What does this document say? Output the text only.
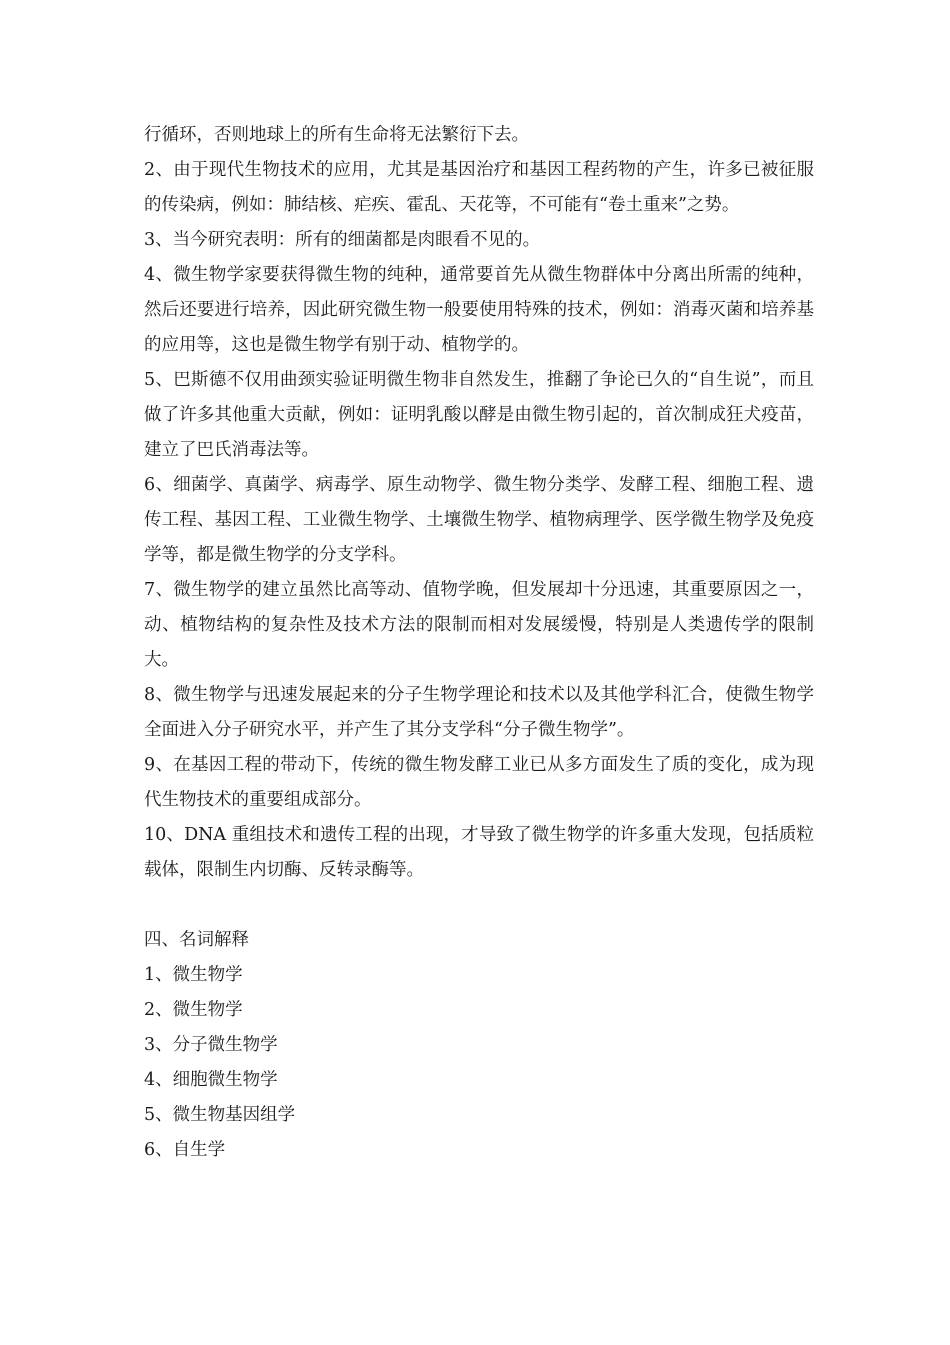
行循环，否则地球上的所有生命将无法繁衍下去。

2、由于现代生物技术的应用，尤其是基因治疗和基因工程药物的产生，许多已被征服的传染病，例如：肺结核、疟疾、霍乱、天花等，不可能有“卷土重来”之势。

3、当今研究表明：所有的细菌都是肉眼看不见的。

4、微生物学家要获得微生物的纯种，通常要首先从微生物群体中分离出所需的纯种，然后还要进行培养，因此研究微生物一般要使用特殊的技术，例如：消毒灭菌和培养基的应用等，这也是微生物学有别于动、植物学的。

5、巴斯德不仅用曲颈实验证明微生物非自然发生，推翻了争论已久的“自生说”，而且做了许多其他重大贡献，例如：证明乳酸以酵是由微生物引起的，首次制成狂犬疫苗，建立了巴氏消毒法等。

6、细菌学、真菌学、病毒学、原生动物学、微生物分类学、发酵工程、细胞工程、遗传工程、基因工程、工业微生物学、土壤微生物学、植物病理学、医学微生物学及免疫学等，都是微生物学的分支学科。

7、微生物学的建立虽然比高等动、值物学晚，但发展却十分迅速，其重要原因之一，动、植物结构的复杂性及技术方法的限制而相对发展缓慢，特别是人类遗传学的限制大。

8、微生物学与迅速发展起来的分子生物学理论和技术以及其他学科汇合，使微生物学全面进入分子研究水平，并产生了其分支学科“分子微生物学”。

9、在基因工程的带动下，传统的微生物发酵工业已从多方面发生了质的变化，成为现代生物技术的重要组成部分。

10、DNA 重组技术和遗传工程的出现，才导致了微生物学的许多重大发现，包括质粒载体，限制生内切酶、反转录酶等。

四、名词解释

1、微生物学

2、微生物学

3、分子微生物学

4、细胞微生物学

5、微生物基因组学

6、自生学
